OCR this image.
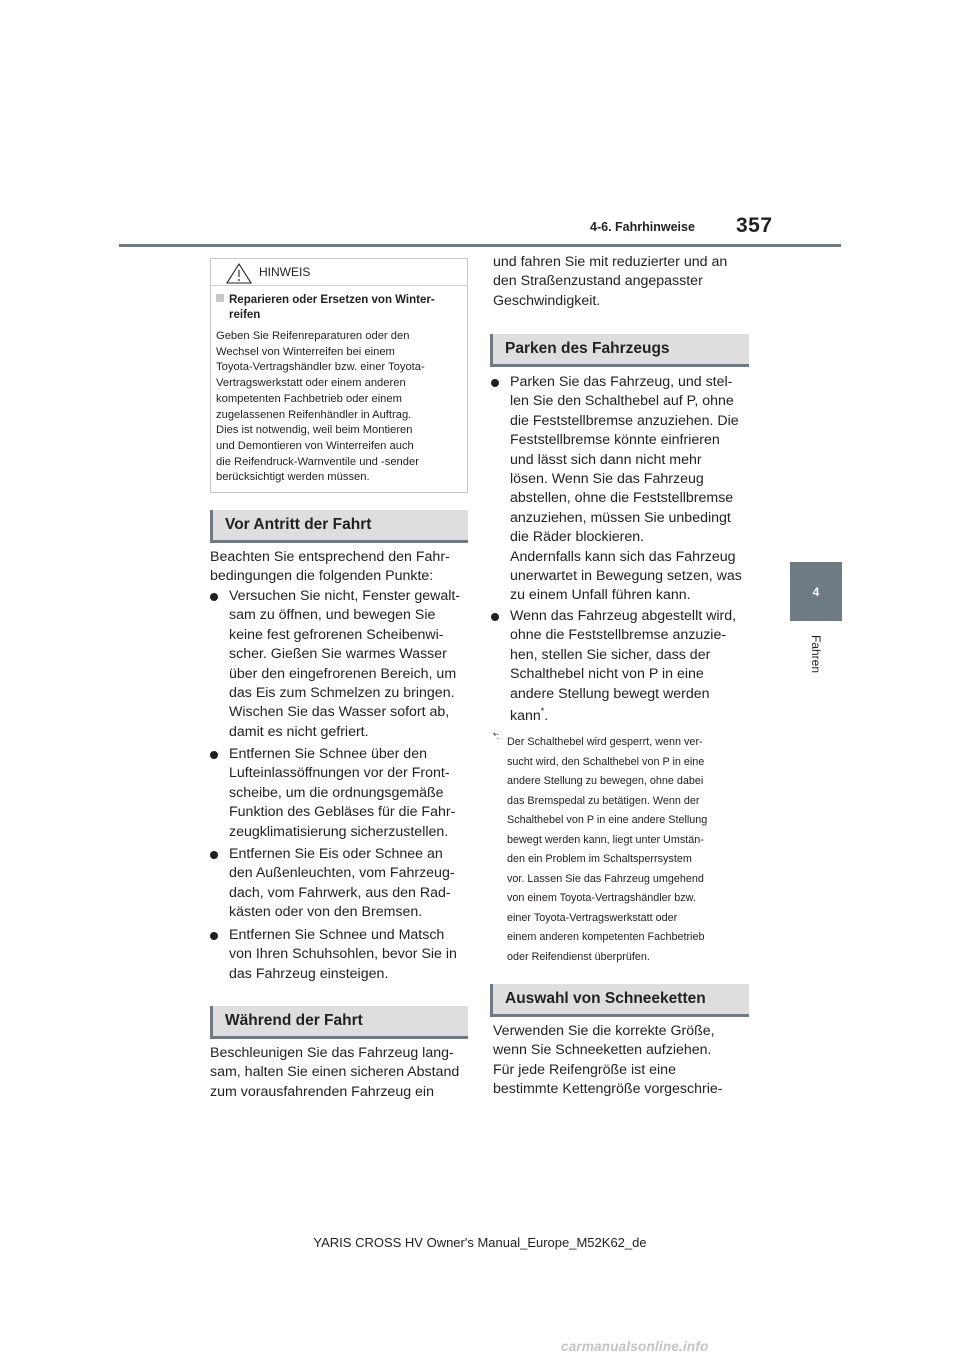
4-6. Fahrhinweise 357
4
Fahren
HINWEIS
Reparieren oder Ersetzen von Winter-
reifen
Geben Sie Reifenreparaturen oder den
Wechsel von Winterreifen bei einem
Toyota-Vertragshändler bzw. einer Toyota-
Vertragswerkstatt oder einem anderen
kompetenten Fachbetrieb oder einem
zugelassenen Reifenhändler in Auftrag.
Dies ist notwendig, weil beim Montieren
und Demontieren von Winterreifen auch
die Reifendruck-Warnventile und -sender
berücksichtigt werden müssen.
Vor Antritt der Fahrt
Beachten Sie entsprechend den Fahr-
bedingungen die folgenden Punkte:
Versuchen Sie nicht, Fenster gewalt-
sam zu öffnen, und bewegen Sie
keine fest gefrorenen Scheibenwi-
scher. Gießen Sie warmes Wasser
über den eingefrorenen Bereich, um
das Eis zum Schmelzen zu bringen.
Wischen Sie das Wasser sofort ab,
damit es nicht gefriert.
Entfernen Sie Schnee über den
Lufteinlassöffnungen vor der Front-
scheibe, um die ordnungsgemäße
Funktion des Gebläses für die Fahr-
zeugklimatisierung sicherzustellen.
Entfernen Sie Eis oder Schnee an
den Außenleuchten, vom Fahrzeug-
dach, vom Fahrwerk, aus den Rad-
kästen oder von den Bremsen.
Entfernen Sie Schnee und Matsch
von Ihren Schuhsohlen, bevor Sie in
das Fahrzeug einsteigen.
Während der Fahrt
Beschleunigen Sie das Fahrzeug lang-
sam, halten Sie einen sicheren Abstand
zum vorausfahrenden Fahrzeug ein
und fahren Sie mit reduzierter und an
den Straßenzustand angepasster
Geschwindigkeit.
Parken des Fahrzeugs
Parken Sie das Fahrzeug, und stel-
len Sie den Schalthebel auf P, ohne
die Feststellbremse anzuziehen. Die
Feststellbremse könnte einfrieren
und lässt sich dann nicht mehr
lösen. Wenn Sie das Fahrzeug
abstellen, ohne die Feststellbremse
anzuziehen, müssen Sie unbedingt
die Räder blockieren.
Andernfalls kann sich das Fahrzeug
unerwartet in Bewegung setzen, was
zu einem Unfall führen kann.
Wenn das Fahrzeug abgestellt wird,
ohne die Feststellbremse anzuzie-
hen, stellen Sie sicher, dass der
Schalthebel nicht von P in eine
andere Stellung bewegt werden
kann*.
*: Der Schalthebel wird gesperrt, wenn ver-
sucht wird, den Schalthebel von P in eine
andere Stellung zu bewegen, ohne dabei
das Bremspedal zu betätigen. Wenn der
Schalthebel von P in eine andere Stellung
bewegt werden kann, liegt unter Umstän-
den ein Problem im Schaltsperrsystem
vor. Lassen Sie das Fahrzeug umgehend
von einem Toyota-Vertragshändler bzw.
einer Toyota-Vertragswerkstatt oder
einem anderen kompetenten Fachbetrieb
oder Reifendienst überprüfen.
Auswahl von Schneeketten
Verwenden Sie die korrekte Größe,
wenn Sie Schneeketten aufziehen.
Für jede Reifengröße ist eine
bestimmte Kettengröße vorgeschrie-
YARIS CROSS HV Owner's Manual_Europe_M52K62_de
carmanualsonline.info
